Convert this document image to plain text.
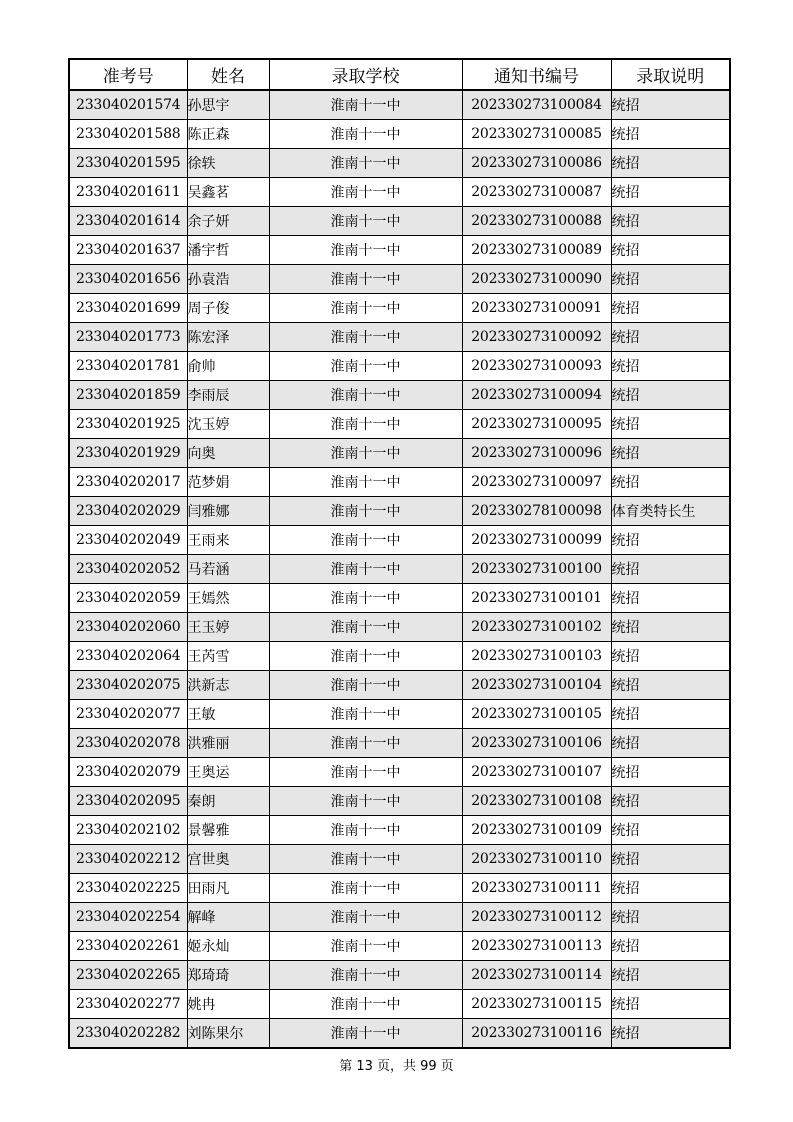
准考号	姓名	录取学校	通知书编号	录取说明
233040201574	孙思宇	淮南十一中	202330273100084	统招
233040201588	陈正森	淮南十一中	202330273100085	统招
233040201595	徐轶	淮南十一中	202330273100086	统招
233040201611	吴鑫茗	淮南十一中	202330273100087	统招
233040201614	余子妍	淮南十一中	202330273100088	统招
233040201637	潘宇哲	淮南十一中	202330273100089	统招
233040201656	孙袁浩	淮南十一中	202330273100090	统招
233040201699	周子俊	淮南十一中	202330273100091	统招
233040201773	陈宏泽	淮南十一中	202330273100092	统招
233040201781	俞帅	淮南十一中	202330273100093	统招
233040201859	李雨辰	淮南十一中	202330273100094	统招
233040201925	沈玉婷	淮南十一中	202330273100095	统招
233040201929	向奥	淮南十一中	202330273100096	统招
233040202017	范梦娟	淮南十一中	202330273100097	统招
233040202029	闫雅娜	淮南十一中	202330278100098	体育类特长生
233040202049	王雨来	淮南十一中	202330273100099	统招
233040202052	马若涵	淮南十一中	202330273100100	统招
233040202059	王嫣然	淮南十一中	202330273100101	统招
233040202060	王玉婷	淮南十一中	202330273100102	统招
233040202064	王芮雪	淮南十一中	202330273100103	统招
233040202075	洪新志	淮南十一中	202330273100104	统招
233040202077	王敏	淮南十一中	202330273100105	统招
233040202078	洪雅丽	淮南十一中	202330273100106	统招
233040202079	王奥运	淮南十一中	202330273100107	统招
233040202095	秦朗	淮南十一中	202330273100108	统招
233040202102	景馨雅	淮南十一中	202330273100109	统招
233040202212	宫世奥	淮南十一中	202330273100110	统招
233040202225	田雨凡	淮南十一中	202330273100111	统招
233040202254	解峰	淮南十一中	202330273100112	统招
233040202261	姬永灿	淮南十一中	202330273100113	统招
233040202265	郑琦琦	淮南十一中	202330273100114	统招
233040202277	姚冉	淮南十一中	202330273100115	统招
233040202282	刘陈果尔	淮南十一中	202330273100116	统招
第 13 页，共 99 页
